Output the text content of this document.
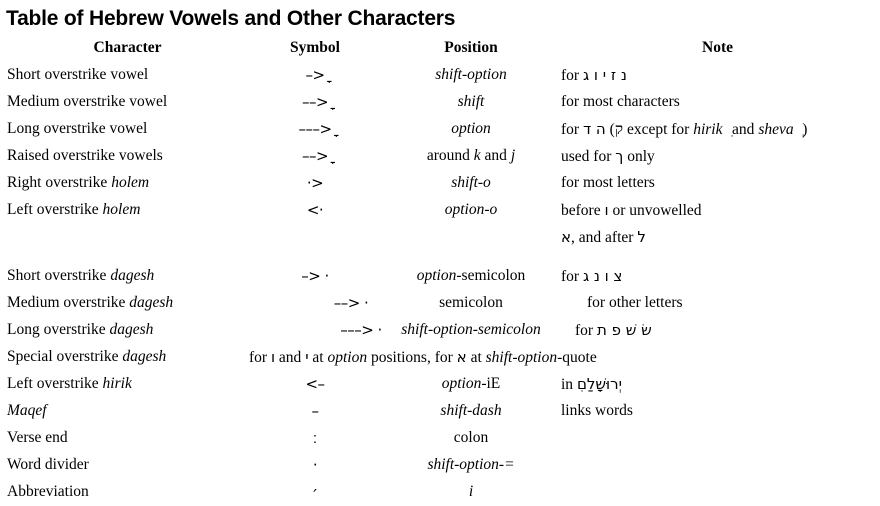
Table of Hebrew Vowels and Other Characters
Character	Symbol	Position	Note
Short overstrike vowel	–>	shift-option	for נ ז י ו ג
Medium overstrike vowel	––>	shift	for most characters
Long overstrike vowel	–––>	option	for ה ד (ק except for hirik ִ and sheva ְ )
Raised overstrike vowels	––>	around k and j	used for ך only
Right overstrike holem	·>	shift-o	for most letters
Left overstrike holem	<·	option-o	before ו or unvowelled
			א, and after ל

Short overstrike dagesh	–> ·	option-semicolon	for צ ו נ ג
Medium overstrike dagesh	––> ·	semicolon	for other letters
Long overstrike dagesh	–––> ·	shift-option-semicolon	for שׂ שׁ פ ת
Special overstrike dagesh	for ו and י at option positions, for א at shift-option-quote		
Left overstrike hirik	<–	option-iE	in יְרוּשָׁלַםִ
Maqef	–	shift-dash	links words
Verse end	׃	colon	
Word divider	·	shift-option-=	
Abbreviation	׳	i	
